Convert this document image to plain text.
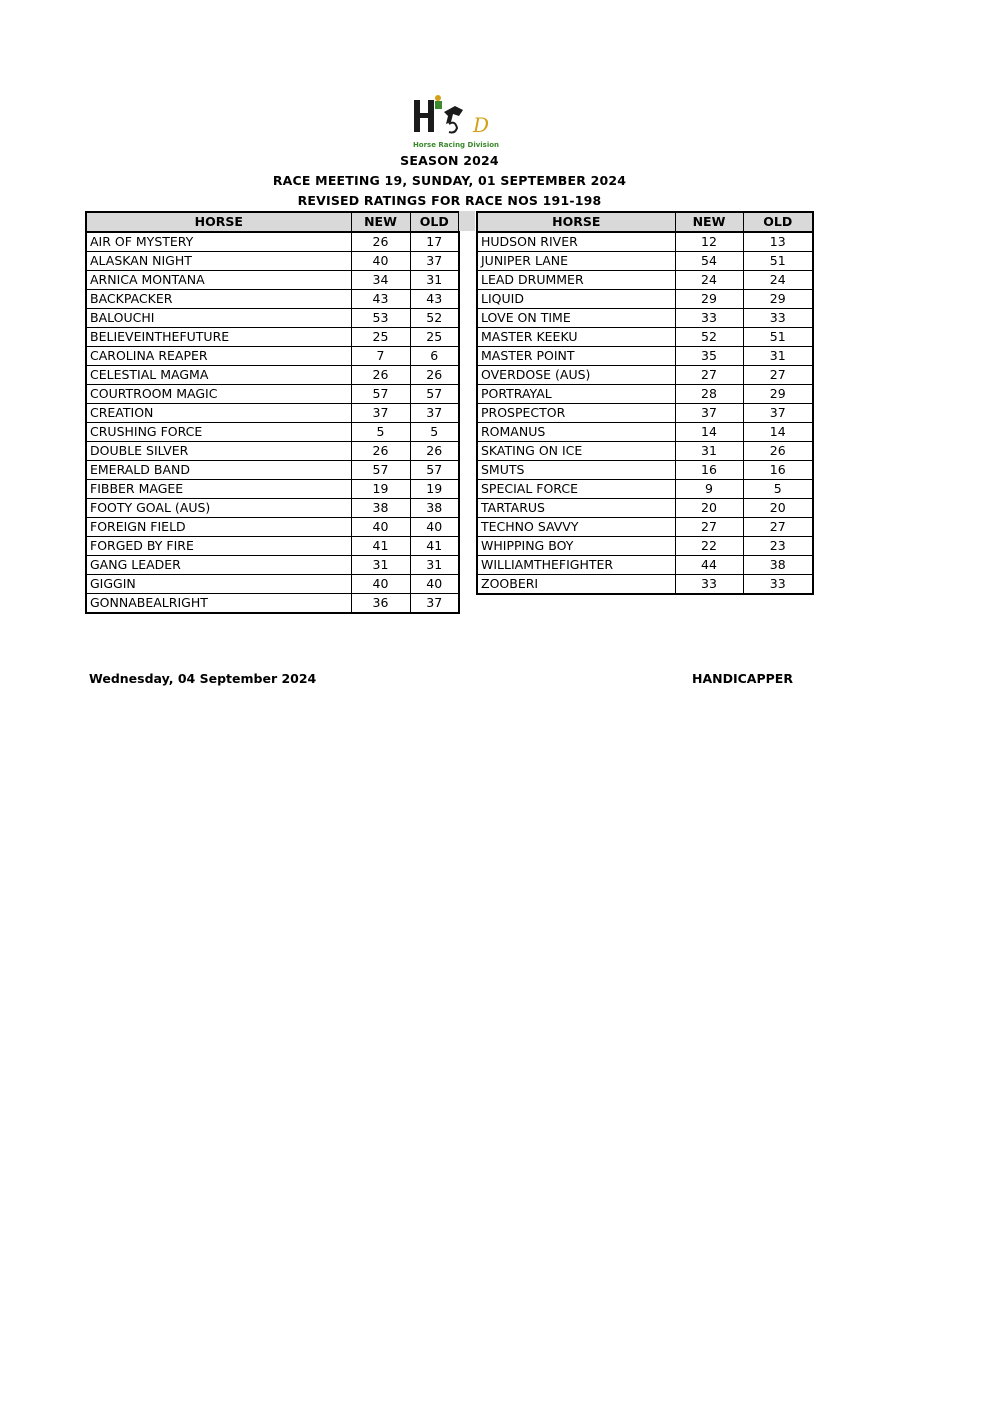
D
Horse Racing Division
SEASON 2024
RACE MEETING 19, SUNDAY, 01 SEPTEMBER 2024
REVISED RATINGS FOR RACE NOS 191-198
HORSE	NEW	OLD
AIR OF MYSTERY	26	17
ALASKAN NIGHT	40	37
ARNICA MONTANA	34	31
BACKPACKER	43	43
BALOUCHI	53	52
BELIEVEINTHEFUTURE	25	25
CAROLINA REAPER	7	6
CELESTIAL MAGMA	26	26
COURTROOM MAGIC	57	57
CREATION	37	37
CRUSHING FORCE	5	5
DOUBLE SILVER	26	26
EMERALD BAND	57	57
FIBBER MAGEE	19	19
FOOTY GOAL (AUS)	38	38
FOREIGN FIELD	40	40
FORGED BY FIRE	41	41
GANG LEADER	31	31
GIGGIN	40	40
GONNABEALRIGHT	36	37
HORSE	NEW	OLD
HUDSON RIVER	12	13
JUNIPER LANE	54	51
LEAD DRUMMER	24	24
LIQUID	29	29
LOVE ON TIME	33	33
MASTER KEEKU	52	51
MASTER POINT	35	31
OVERDOSE (AUS)	27	27
PORTRAYAL	28	29
PROSPECTOR	37	37
ROMANUS	14	14
SKATING ON ICE	31	26
SMUTS	16	16
SPECIAL FORCE	9	5
TARTARUS	20	20
TECHNO SAVVY	27	27
WHIPPING BOY	22	23
WILLIAMTHEFIGHTER	44	38
ZOOBERI	33	33
Wednesday, 04 September 2024	HANDICAPPER
